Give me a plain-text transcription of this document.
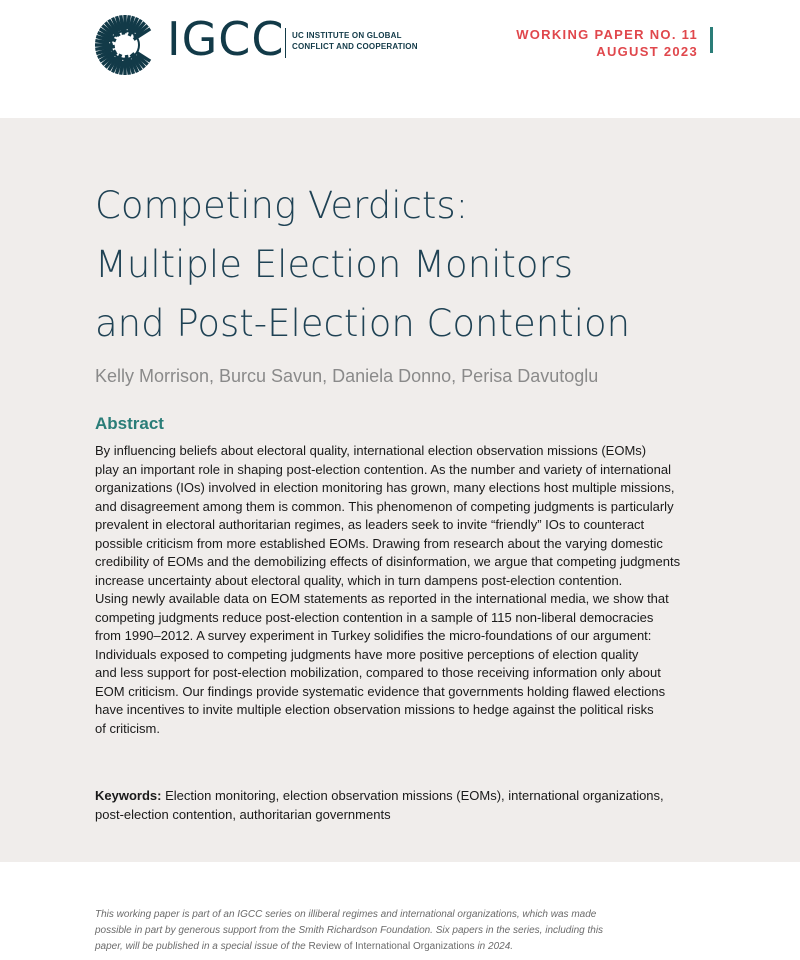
IGCC UC INSTITUTE ON GLOBAL
CONFLICT AND COOPERATION
WORKING PAPER NO. 11
AUGUST 2023
Competing Verdicts:
Multiple Election Monitors
and Post-Election Contention
Kelly Morrison, Burcu Savun, Daniela Donno, Perisa Davutoglu
Abstract
By influencing beliefs about electoral quality, international election observation missions (EOMs)
play an important role in shaping post-election contention. As the number and variety of international
organizations (IOs) involved in election monitoring has grown, many elections host multiple missions,
and disagreement among them is common. This phenomenon of competing judgments is particularly
prevalent in electoral authoritarian regimes, as leaders seek to invite “friendly” IOs to counteract
possible criticism from more established EOMs. Drawing from research about the varying domestic
credibility of EOMs and the demobilizing effects of disinformation, we argue that competing judgments
increase uncertainty about electoral quality, which in turn dampens post-election contention.
Using newly available data on EOM statements as reported in the international media, we show that
competing judgments reduce post-election contention in a sample of 115 non-liberal democracies
from 1990–2012. A survey experiment in Turkey solidifies the micro-foundations of our argument:
Individuals exposed to competing judgments have more positive perceptions of election quality
and less support for post-election mobilization, compared to those receiving information only about
EOM criticism. Our findings provide systematic evidence that governments holding flawed elections
have incentives to invite multiple election observation missions to hedge against the political risks
of criticism.
Keywords: Election monitoring, election observation missions (EOMs), international organizations,
post-election contention, authoritarian governments
This working paper is part of an IGCC series on illiberal regimes and international organizations, which was made
possible in part by generous support from the Smith Richardson Foundation. Six papers in the series, including this
paper, will be published in a special issue of the Review of International Organizations in 2024.
